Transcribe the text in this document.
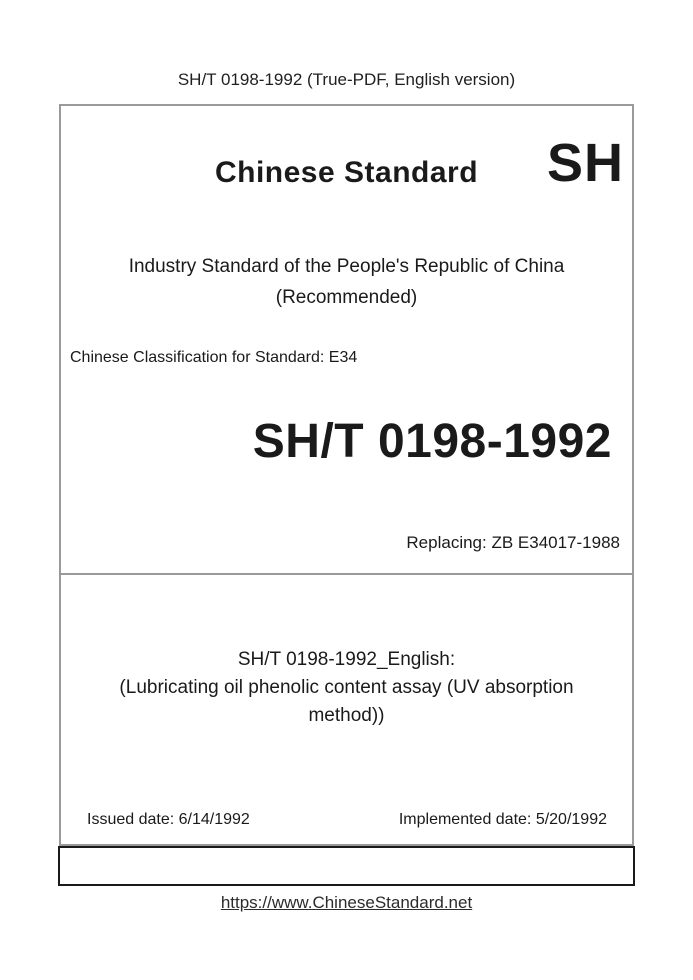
SH/T 0198-1992 (True-PDF, English version)
Chinese Standard	SH
Industry Standard of the People's Republic of China
(Recommended)
Chinese Classification for Standard: E34
SH/T 0198-1992
Replacing: ZB E34017-1988
SH/T 0198-1992_English:
(Lubricating oil phenolic content assay (UV absorption
method))
Issued date: 6/14/1992	Implemented date: 5/20/1992
https://www.ChineseStandard.net
